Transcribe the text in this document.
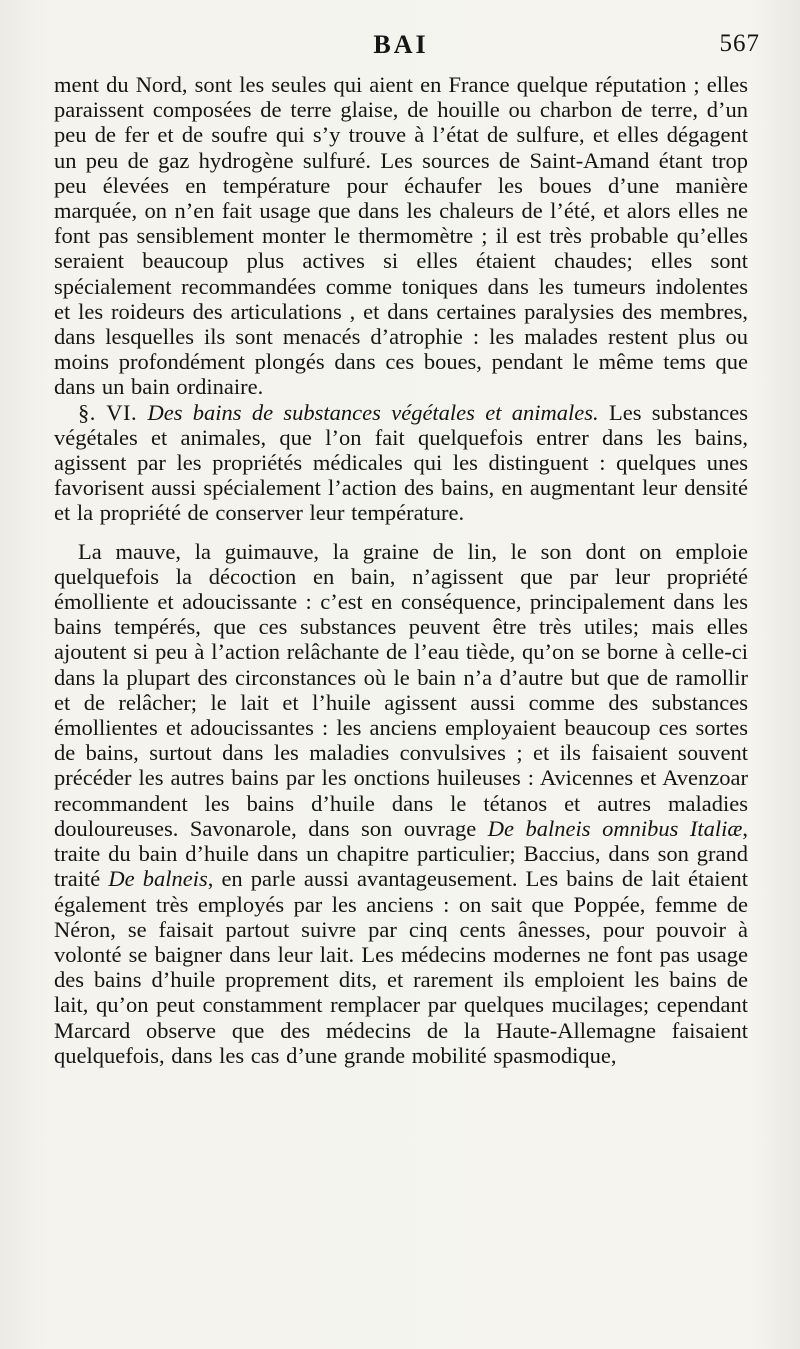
BAI	567

ment du Nord, sont les seules qui aient en France quelque réputation ; elles paraissent composées de terre glaise, de houille ou charbon de terre, d’un peu de fer et de soufre qui s’y trouve à l’état de sulfure, et elles dégagent un peu de gaz hydrogène sulfuré. Les sources de Saint-Amand étant trop peu élevées en température pour échaufer les boues d’une manière marquée, on n’en fait usage que dans les chaleurs de l’été, et alors elles ne font pas sensiblement monter le thermomètre ; il est très probable qu’elles seraient beaucoup plus actives si elles étaient chaudes; elles sont spécialement recommandées comme toniques dans les tumeurs indolentes et les roideurs des articulations , et dans certaines paralysies des membres, dans lesquelles ils sont menacés d’atrophie : les malades restent plus ou moins profondément plongés dans ces boues, pendant le même tems que dans un bain ordinaire.

§. VI. Des bains de substances végétales et animales. Les substances végétales et animales, que l’on fait quelquefois entrer dans les bains, agissent par les propriétés médicales qui les distinguent : quelques unes favorisent aussi spécialement l’action des bains, en augmentant leur densité et la propriété de conserver leur température.

La mauve, la guimauve, la graine de lin, le son dont on emploie quelquefois la décoction en bain, n’agissent que par leur propriété émolliente et adoucissante : c’est en conséquence, principalement dans les bains tempérés, que ces substances peuvent être très utiles; mais elles ajoutent si peu à l’action relâchante de l’eau tiède, qu’on se borne à celle-ci dans la plupart des circonstances où le bain n’a d’autre but que de ramollir et de relâcher; le lait et l’huile agissent aussi comme des substances émollientes et adoucissantes : les anciens employaient beaucoup ces sortes de bains, surtout dans les maladies convulsives ; et ils faisaient souvent précéder les autres bains par les onctions huileuses : Avicennes et Avenzoar recommandent les bains d’huile dans le tétanos et autres maladies douloureuses. Savonarole, dans son ouvrage De balneis omnibus Italiæ, traite du bain d’huile dans un chapitre particulier; Baccius, dans son grand traité De balneis, en parle aussi avantageusement. Les bains de lait étaient également très employés par les anciens : on sait que Poppée, femme de Néron, se faisait partout suivre par cinq cents ânesses, pour pouvoir à volonté se baigner dans leur lait. Les médecins modernes ne font pas usage des bains d’huile proprement dits, et rarement ils emploient les bains de lait, qu’on peut constamment remplacer par quelques mucilages; cependant Marcard observe que des médecins de la Haute-Allemagne faisaient quelquefois, dans les cas d’une grande mobilité spasmodique,
